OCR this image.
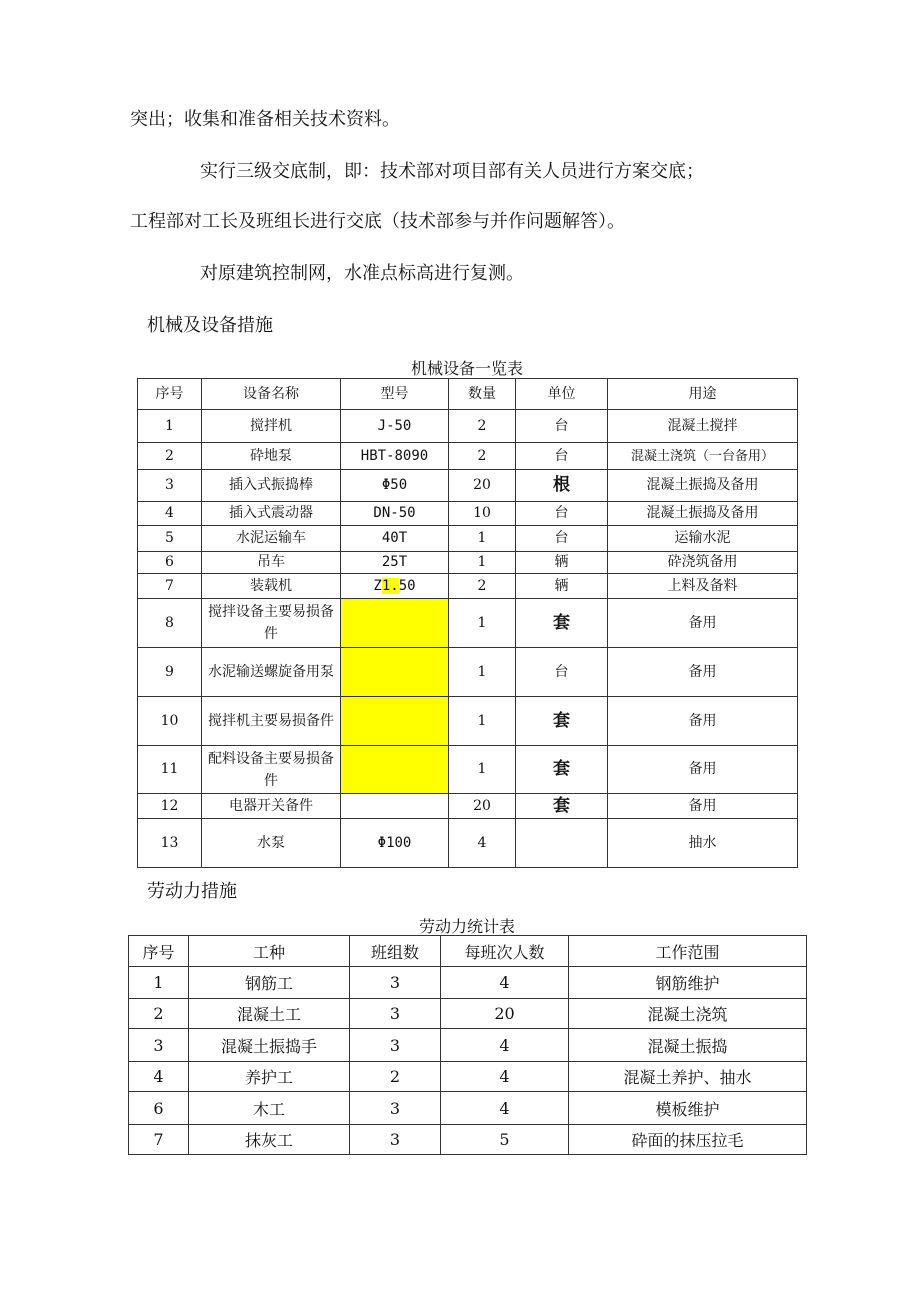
突出；收集和准备相关技术资料。
实行三级交底制，即：技术部对项目部有关人员进行方案交底；
工程部对工长及班组长进行交底（技术部参与并作问题解答）。
对原建筑控制网，水准点标高进行复测。
机械及设备措施
机械设备一览表
序号	设备名称	型号	数量	单位	用途
1	搅拌机	J-50	2	台	混凝土搅拌
2	砕地泵	HBT-8090	2	台	混凝土浇筑（一台备用）
3	插入式振捣棒	Φ50	20	根	混凝土振捣及备用
4	插入式震动器	DN-50	10	台	混凝土振捣及备用
5	水泥运输车	40T	1	台	运输水泥
6	吊车	25T	1	辆	砕浇筑备用
7	装载机	Z1.50	2	辆	上料及备料
8	搅拌设备主要易损备件		1	套	备用
9	水泥输送螺旋备用泵		1	台	备用
10	搅拌机主要易损备件		1	套	备用
11	配料设备主要易损备件		1	套	备用
12	电器开关备件		20	套	备用
13	水泵	Φ100	4		抽水
劳动力措施
劳动力统计表
序号	工种	班组数	每班次人数	工作范围
1	钢筋工	3	4	钢筋维护
2	混凝土工	3	20	混凝土浇筑
3	混凝土振捣手	3	4	混凝土振捣
4	养护工	2	4	混凝土养护、抽水
6	木工	3	4	模板维护
7	抹灰工	3	5	砕面的抹压拉毛
